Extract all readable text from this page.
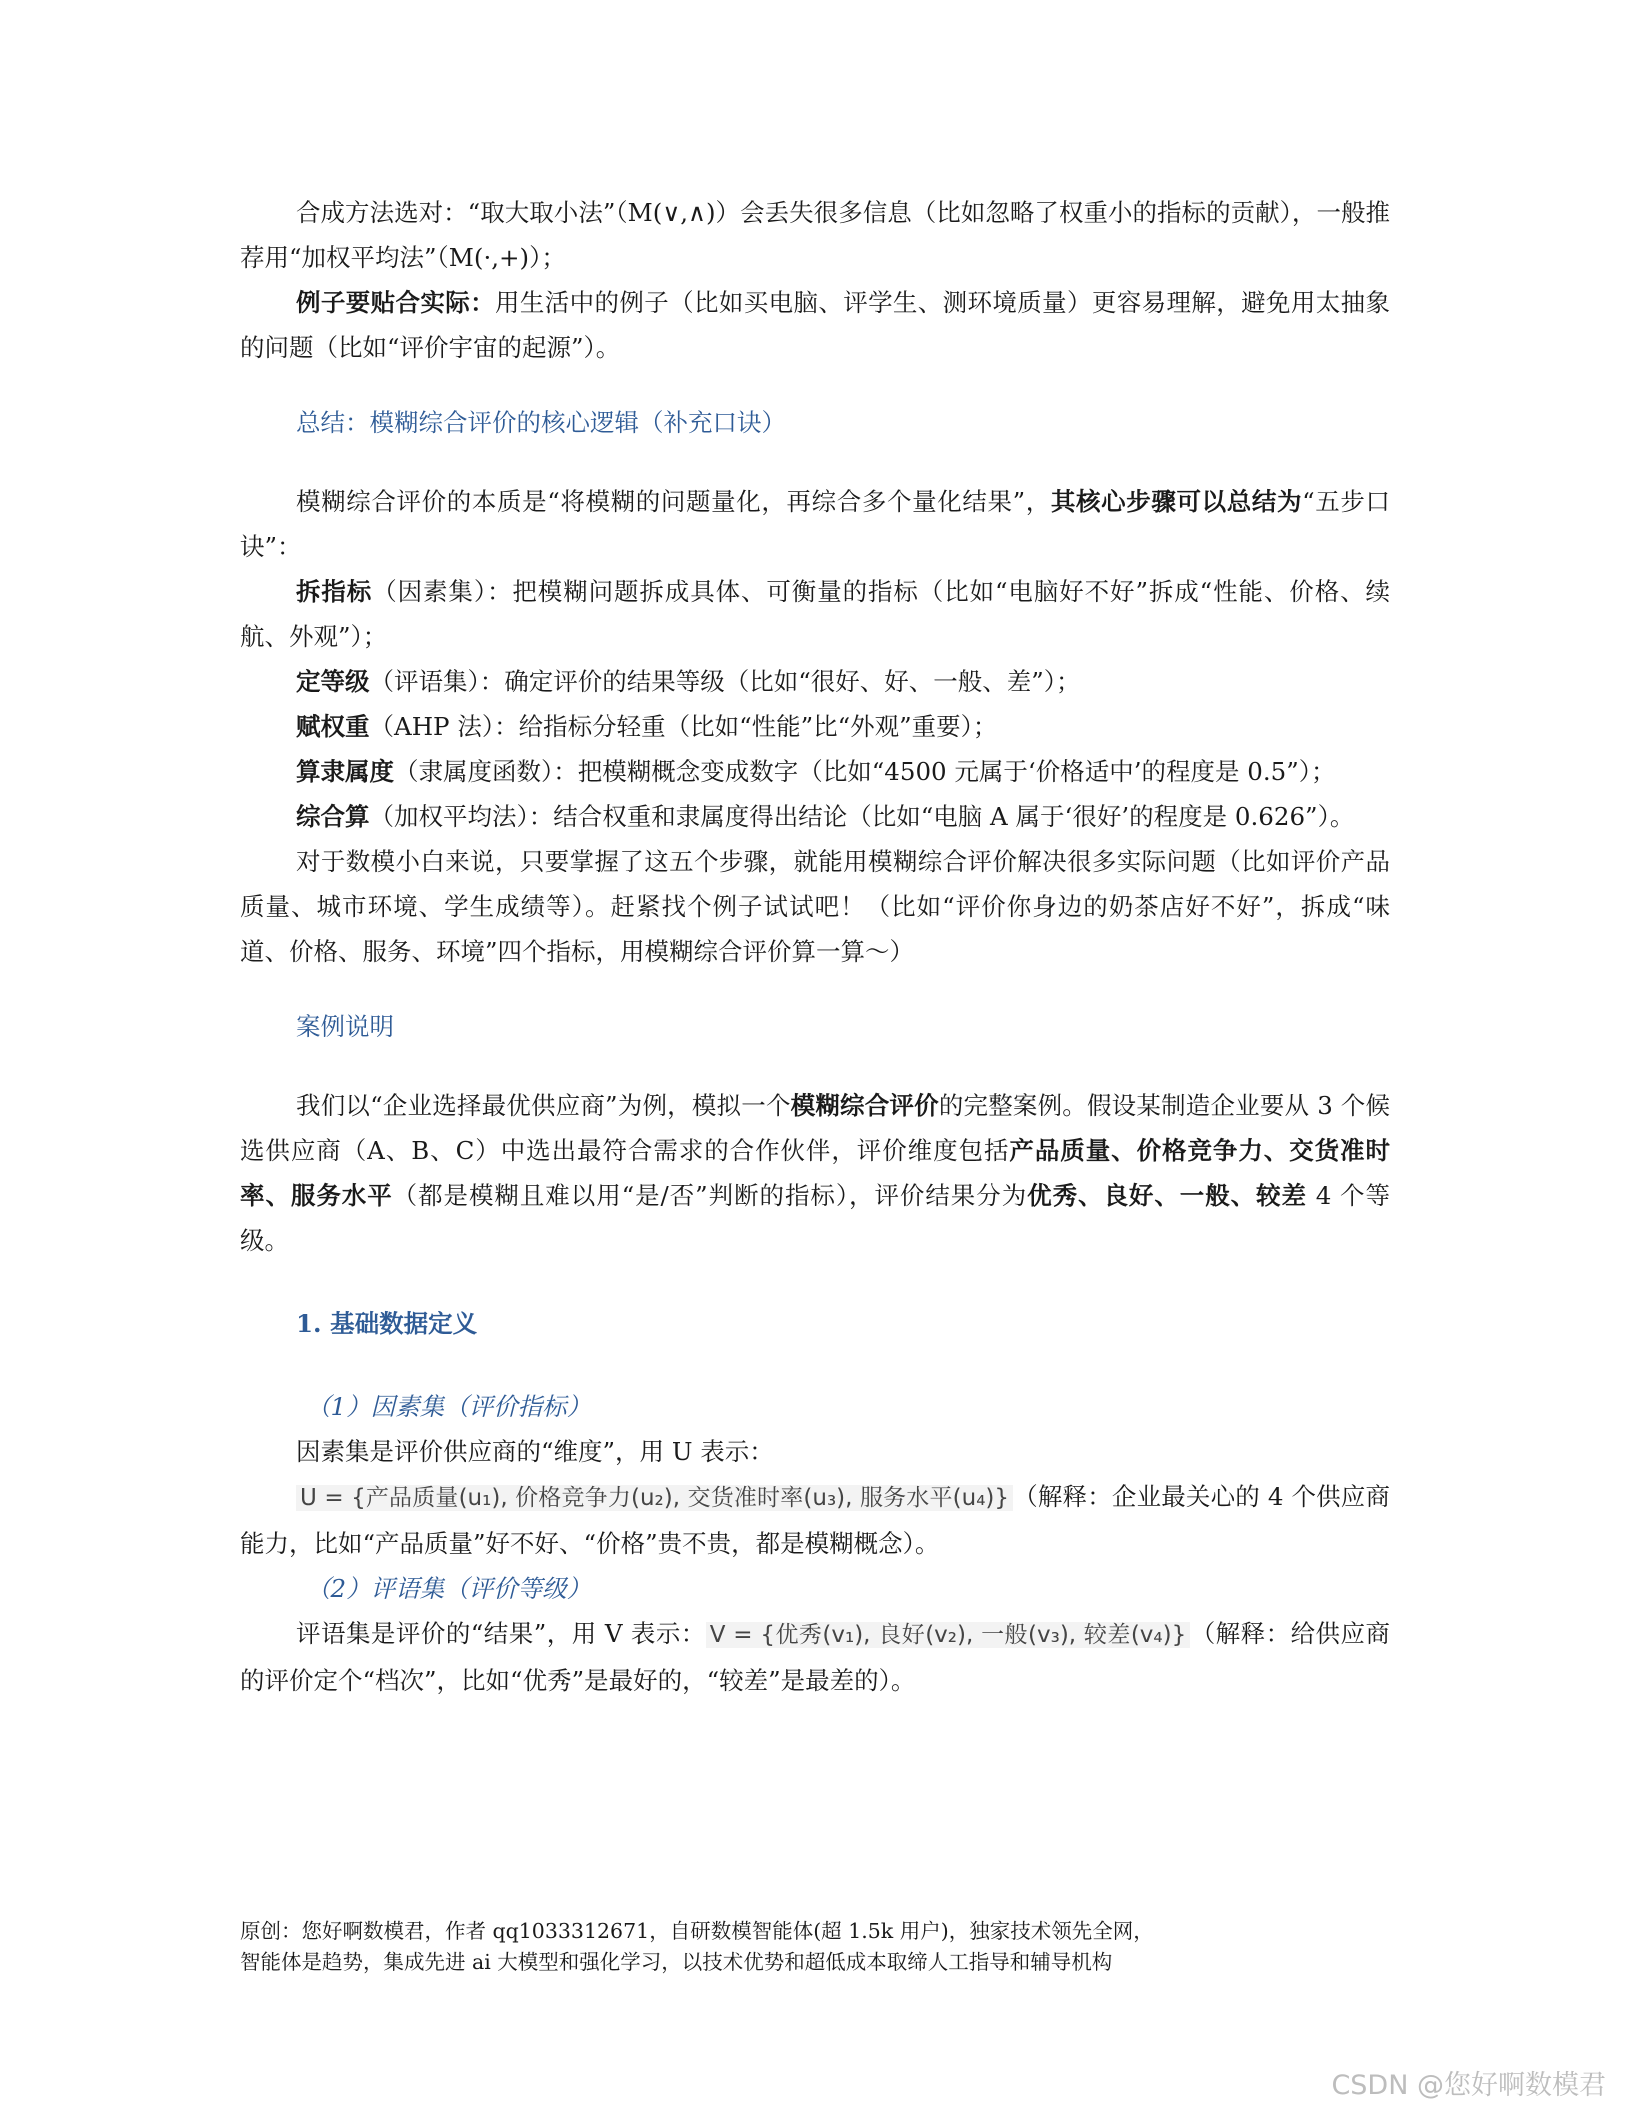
合成方法选对：“取大取小法”（M(∨,∧)）会丢失很多信息（比如忽略了权重小的指标的贡献），一般推荐用“加权平均法”（M(·,+)）；

例子要贴合实际：用生活中的例子（比如买电脑、评学生、测环境质量）更容易理解，避免用太抽象的问题（比如“评价宇宙的起源”）。

总结：模糊综合评价的核心逻辑（补充口诀）

模糊综合评价的本质是“将模糊的问题量化，再综合多个量化结果”，其核心步骤可以总结为“五步口诀”：

拆指标（因素集）：把模糊问题拆成具体、可衡量的指标（比如“电脑好不好”拆成“性能、价格、续航、外观”）；

定等级（评语集）：确定评价的结果等级（比如“很好、好、一般、差”）；

赋权重（AHP 法）：给指标分轻重（比如“性能”比“外观”重要）；

算隶属度（隶属度函数）：把模糊概念变成数字（比如“4500 元属于‘价格适中’的程度是 0.5”）；

综合算（加权平均法）：结合权重和隶属度得出结论（比如“电脑 A 属于‘很好’的程度是 0.626”）。

对于数模小白来说，只要掌握了这五个步骤，就能用模糊综合评价解决很多实际问题（比如评价产品质量、城市环境、学生成绩等）。赶紧找个例子试试吧！（比如“评价你身边的奶茶店好不好”，拆成“味道、价格、服务、环境”四个指标，用模糊综合评价算一算～）

案例说明

我们以“企业选择最优供应商”为例，模拟一个模糊综合评价的完整案例。假设某制造企业要从 3 个候选供应商（A、B、C）中选出最符合需求的合作伙伴，评价维度包括产品质量、价格竞争力、交货准时率、服务水平（都是模糊且难以用“是/否”判断的指标），评价结果分为优秀、良好、一般、较差 4 个等级。

1. 基础数据定义
（1）因素集（评价指标）

因素集是评价供应商的“维度”，用 U 表示：

U = {产品质量(u₁), 价格竞争力(u₂), 交货准时率(u₃), 服务水平(u₄)} （解释：企业最关心的 4 个供应商能力，比如“产品质量”好不好、“价格”贵不贵，都是模糊概念）。

（2）评语集（评价等级）

评语集是评价的“结果”，用 V 表示： V = {优秀(v₁), 良好(v₂), 一般(v₃), 较差(v₄)} （解释：给供应商的评价定个“档次”，比如“优秀”是最好的，“较差”是最差的）。

原创：您好啊数模君，作者 qq1033312671，自研数模智能体(超 1.5k 用户)，独家技术领先全网，
智能体是趋势，集成先进 ai 大模型和强化学习，以技术优势和超低成本取缔人工指导和辅导机构
CSDN @您好啊数模君
